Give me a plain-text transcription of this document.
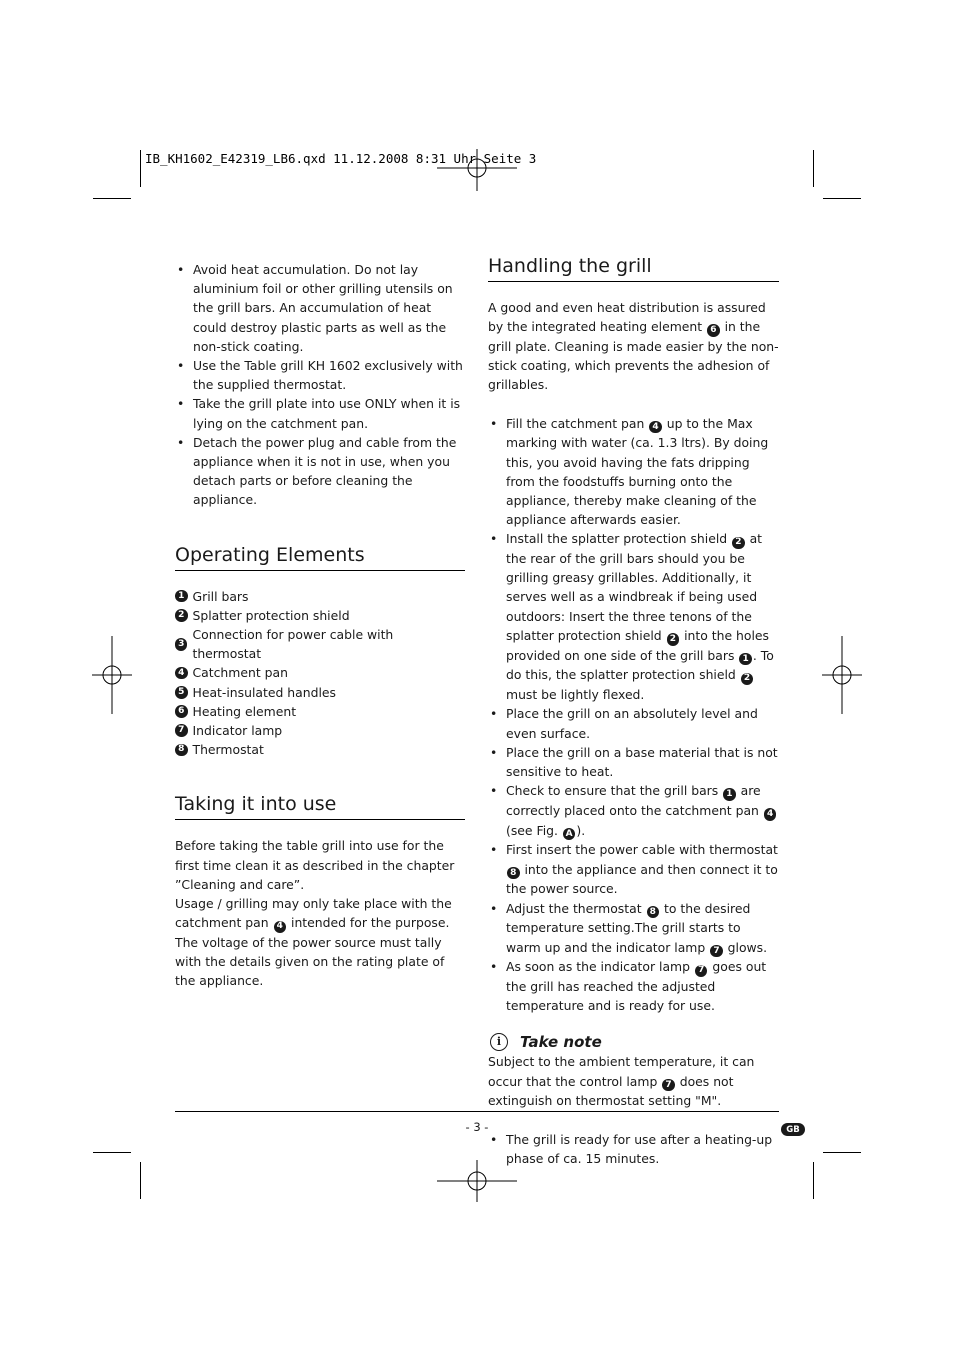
IB_KH1602_E42319_LB6.qxd 11.12.2008 8:31 Uhr Seite 3
• Avoid heat accumulation. Do not lay aluminium foil or other grilling utensils on the grill bars. An accumulation of heat could destroy plastic parts as well as the non-stick coating.
• Use the Table grill KH 1602 exclusively with the supplied thermostat.
• Take the grill plate into use ONLY when it is lying on the catchment pan.
• Detach the power plug and cable from the appliance when it is not in use, when you detach parts or before cleaning the appliance.
Operating Elements
1 Grill bars
2 Splatter protection shield
3
Connection for power cable with thermostat
4 Catchment pan
5 Heat-insulated handles
6 Heating element
7 Indicator lamp
8 Thermostat
Taking it into use

Before taking the table grill into use for the first time clean it as described in the chapter ”Cleaning and care”.

Usage / grilling may only take place with the catchment pan 4 intended for the purpose.

The voltage of the power source must tally with the details given on the rating plate of the appliance.

Handling the grill

A good and even heat distribution is assured by the integrated heating element 6 in the grill plate. Cleaning is made easier by the non-stick coating, which prevents the adhesion of grillables.

• Fill the catchment pan 4 up to the Max marking with water (ca. 1.3 ltrs). By doing this, you avoid having the fats dripping from the foodstuffs burning onto the appliance, thereby make cleaning of the appliance afterwards easier.
• Install the splatter protection shield 2 at the rear of the grill bars should you be grilling greasy grillables. Additionally, it serves well as a windbreak if being used outdoors: Insert the three tenons of the splatter protection shield 2 into the holes provided on one side of the grill bars 1 . To do this, the splatter protection shield 2 must be lightly flexed.
• Place the grill on an absolutely level and even surface.
• Place the grill on a base material that is not sensitive to heat.
• Check to ensure that the grill bars 1 are correctly placed onto the catchment pan 4 (see Fig. A ).
• First insert the power cable with thermostat 8 into the appliance and then connect it to the power source.
• Adjust the thermostat 8 to the desired temperature setting.The grill starts to warm up and the indicator lamp 7 glows.
• As soon as the indicator lamp 7 goes out the grill has reached the adjusted temperature and is ready for use.
i	Take note

Subject to the ambient temperature, it can occur that the control lamp 7 does not extinguish on thermostat setting "M".

• The grill is ready for use after a heating-up phase of ca. 15 minutes.
- 3 -	GB
